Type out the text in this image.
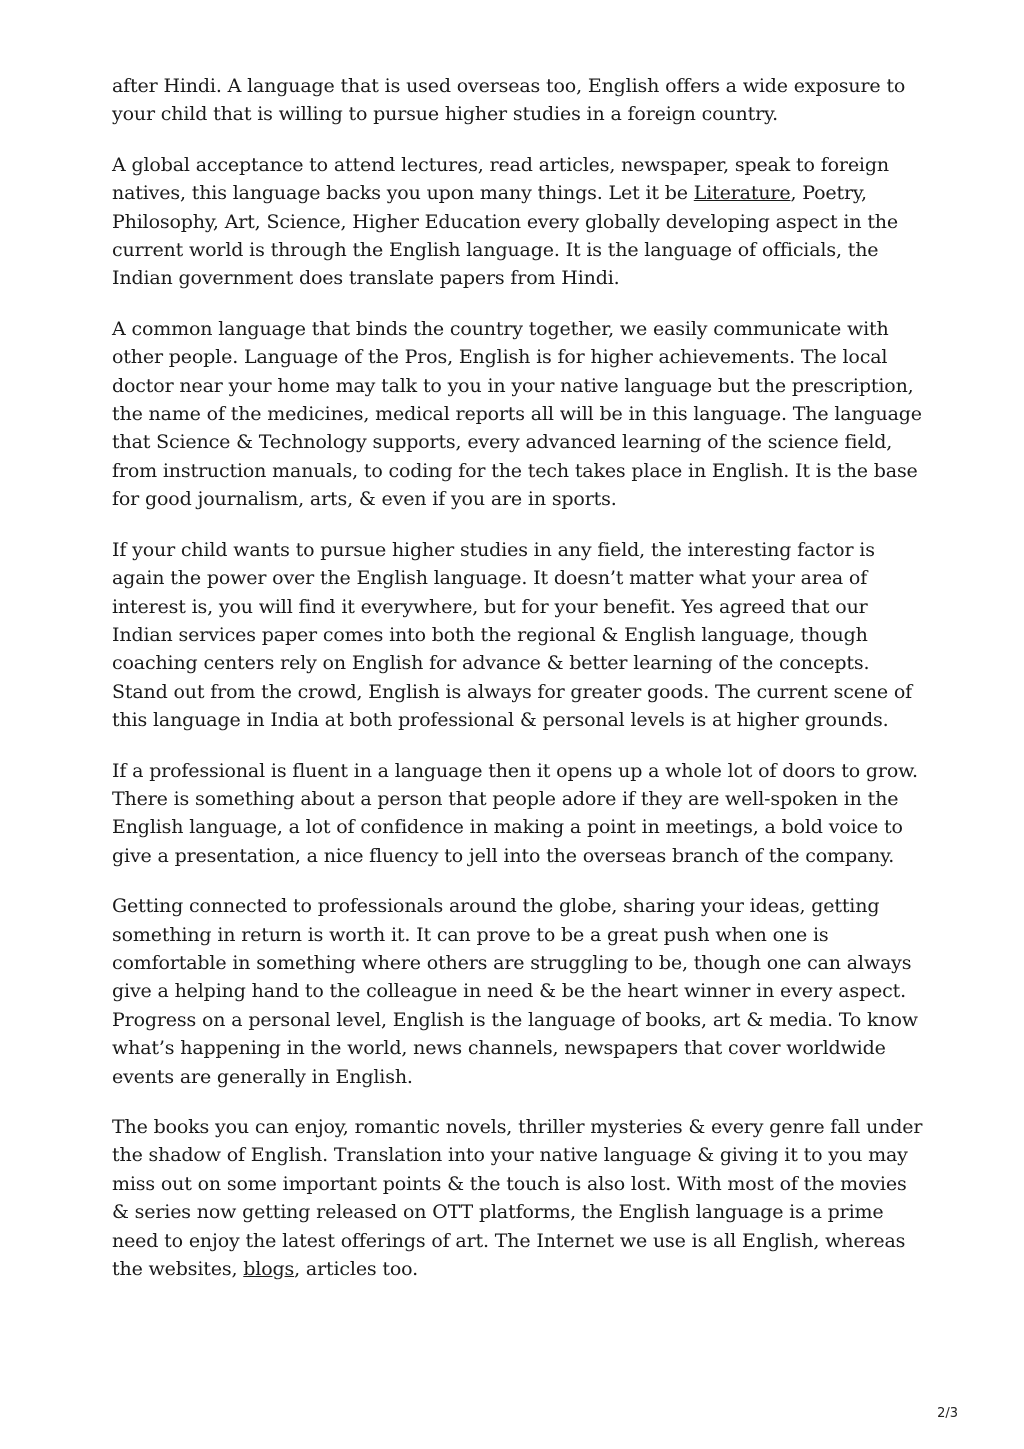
after Hindi. A language that is used overseas too, English offers a wide exposure to your child that is willing to pursue higher studies in a foreign country.

A global acceptance to attend lectures, read articles, newspaper, speak to foreign natives, this language backs you upon many things. Let it be Literature, Poetry, Philosophy, Art, Science, Higher Education every globally developing aspect in the current world is through the English language. It is the language of officials, the Indian government does translate papers from Hindi.

A common language that binds the country together, we easily communicate with other people. Language of the Pros, English is for higher achievements. The local doctor near your home may talk to you in your native language but the prescription, the name of the medicines, medical reports all will be in this language. The language that Science & Technology supports, every advanced learning of the science field, from instruction manuals, to coding for the tech takes place in English. It is the base for good journalism, arts, & even if you are in sports.

If your child wants to pursue higher studies in any field, the interesting factor is again the power over the English language. It doesn’t matter what your area of interest is, you will find it everywhere, but for your benefit. Yes agreed that our Indian services paper comes into both the regional & English language, though coaching centers rely on English for advance & better learning of the concepts. Stand out from the crowd, English is always for greater goods. The current scene of this language in India at both professional & personal levels is at higher grounds.

If a professional is fluent in a language then it opens up a whole lot of doors to grow. There is something about a person that people adore if they are well-spoken in the English language, a lot of confidence in making a point in meetings, a bold voice to give a presentation, a nice fluency to jell into the overseas branch of the company.

Getting connected to professionals around the globe, sharing your ideas, getting something in return is worth it. It can prove to be a great push when one is comfortable in something where others are struggling to be, though one can always give a helping hand to the colleague in need & be the heart winner in every aspect. Progress on a personal level, English is the language of books, art & media. To know what’s happening in the world, news channels, newspapers that cover worldwide events are generally in English.

The books you can enjoy, romantic novels, thriller mysteries & every genre fall under the shadow of English. Translation into your native language & giving it to you may miss out on some important points & the touch is also lost. With most of the movies & series now getting released on OTT platforms, the English language is a prime need to enjoy the latest offerings of art. The Internet we use is all English, whereas the websites, blogs, articles too.

2/3
